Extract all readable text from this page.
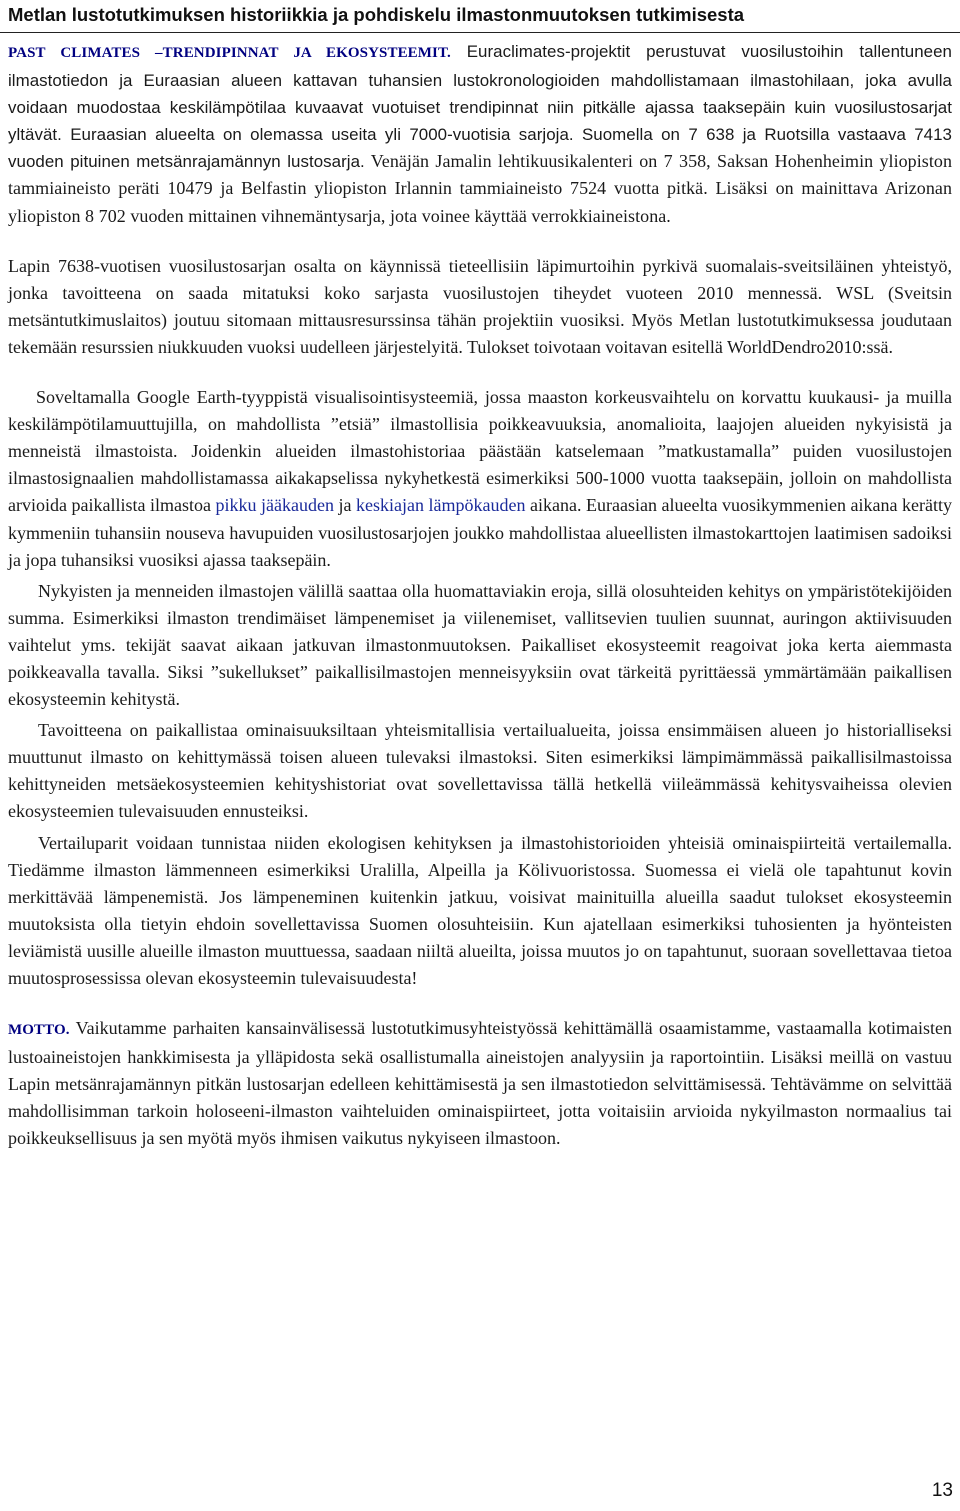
Metlan lustotutkimuksen historiikkia ja pohdiskelu ilmastonmuutoksen tutkimisesta

PAST CLIMATES –TRENDIPINNAT JA EKOSYSTEEMIT. Euraclimates-projektit perustuvat vuosilustoihin tallentuneen ilmastotiedon ja Euraasian alueen kattavan tuhansien lustokronologioiden mahdollistamaan ilmastohilaan, joka avulla voidaan muodostaa keskilämpötilaa kuvaavat vuotuiset trendipinnat niin pitkälle ajassa taaksepäin kuin vuosilustosarjat yltävät. Euraasian alueelta on olemassa useita yli 7000-vuotisia sarjoja. Suomella on 7 638 ja Ruotsilla vastaava 7413 vuoden pituinen metsänrajamännyn lustosarja. Venäjän Jamalin lehtikuusikalenteri on 7 358, Saksan Hohenheimin yliopiston tammiaineisto peräti 10479 ja Belfastin yliopiston Irlannin tammiaineisto 7524 vuotta pitkä. Lisäksi on mainittava Arizonan yliopiston 8 702 vuoden mittainen vihnemäntysarja, jota voinee käyttää verrokkiaineistona.

Lapin 7638-vuotisen vuosilustosarjan osalta on käynnissä tieteellisiin läpimurtoihin pyrkivä suomalais-sveitsiläinen yhteistyö, jonka tavoitteena on saada mitatuksi koko sarjasta vuosilustojen tiheydet vuoteen 2010 mennessä. WSL (Sveitsin metsäntutkimuslaitos) joutuu sitomaan mittausresurssinsa tähän projektiin vuosiksi. Myös Metlan lustotutkimuksessa joudutaan tekemään resurssien niukkuuden vuoksi uudelleen järjestelyitä. Tulokset toivotaan voitavan esitellä WorldDendro2010:ssä.

Soveltamalla Google Earth-tyyppistä visualisointisysteemiä, jossa maaston korkeusvaihtelu on korvattu kuukausi- ja muilla keskilämpötilamuuttujilla, on mahdollista ”etsiä” ilmastollisia poikkeavuuksia, anomalioita, laajojen alueiden nykyisistä ja menneistä ilmastoista. Joidenkin alueiden ilmastohistoriaa päästään katselemaan ”matkustamalla” puiden vuosilustojen ilmastosignaalien mahdollistamassa aikakapselissa nykyhetkestä esimerkiksi 500-1000 vuotta taaksepäin, jolloin on mahdollista arvioida paikallista ilmastoa pikku jääkauden ja keskiajan lämpökauden aikana. Euraasian alueelta vuosikymmenien aikana kerätty kymmeniin tuhansiin nouseva havupuiden vuosilustosarjojen joukko mahdollistaa alueellisten ilmastokarttojen laatimisen sadoiksi ja jopa tuhansiksi vuosiksi ajassa taaksepäin.

Nykyisten ja menneiden ilmastojen välillä saattaa olla huomattaviakin eroja, sillä olosuhteiden kehitys on ympäristötekijöiden summa. Esimerkiksi ilmaston trendimäiset lämpenemiset ja viilenemiset, vallitsevien tuulien suunnat, auringon aktiivisuuden vaihtelut yms. tekijät saavat aikaan jatkuvan ilmastonmuutoksen. Paikalliset ekosysteemit reagoivat joka kerta aiemmasta poikkeavalla tavalla. Siksi ”sukellukset” paikallisilmastojen menneisyyksiin ovat tärkeitä pyrittäessä ymmärtämään paikallisen ekosysteemin kehitystä.

Tavoitteena on paikallistaa ominaisuuksiltaan yhteismitallisia vertailualueita, joissa ensimmäisen alueen jo historialliseksi muuttunut ilmasto on kehittymässä toisen alueen tulevaksi ilmastoksi. Siten esimerkiksi lämpimämmässä paikallisilmastoissa kehittyneiden metsäekosysteemien kehityshistoriat ovat sovellettavissa tällä hetkellä viileämmässä kehitysvaiheissa olevien ekosysteemien tulevaisuuden ennusteiksi.

Vertailuparit voidaan tunnistaa niiden ekologisen kehityksen ja ilmastohistorioiden yhteisiä ominaispiirteitä vertailemalla. Tiedämme ilmaston lämmenneen esimerkiksi Uralilla, Alpeilla ja Kölivuoristossa. Suomessa ei vielä ole tapahtunut kovin merkittävää lämpenemistä. Jos lämpeneminen kuitenkin jatkuu, voisivat mainituilla alueilla saadut tulokset ekosysteemin muutoksista olla tietyin ehdoin sovellettavissa Suomen olosuhteisiin. Kun ajatellaan esimerkiksi tuhosienten ja hyönteisten leviämistä uusille alueille ilmaston muuttuessa, saadaan niiltä alueilta, joissa muutos jo on tapahtunut, suoraan sovellettavaa tietoa muutosprosessissa olevan ekosysteemin tulevaisuudesta!

MOTTO. Vaikutamme parhaiten kansainvälisessä lustotutkimusyhteistyössä kehittämällä osaamistamme, vastaamalla kotimaisten lustoaineistojen hankkimisesta ja ylläpidosta sekä osallistumalla aineistojen analyysiin ja raportointiin. Lisäksi meillä on vastuu Lapin metsänrajamännyn pitkän lustosarjan edelleen kehittämisestä ja sen ilmastotiedon selvittämisessä. Tehtävämme on selvittää mahdollisimman tarkoin holoseeni-ilmaston vaihteluiden ominaispiirteet, jotta voitaisiin arvioida nykyilmaston normaalius tai poikkeuksellisuus ja sen myötä myös ihmisen vaikutus nykyiseen ilmastoon.

13
